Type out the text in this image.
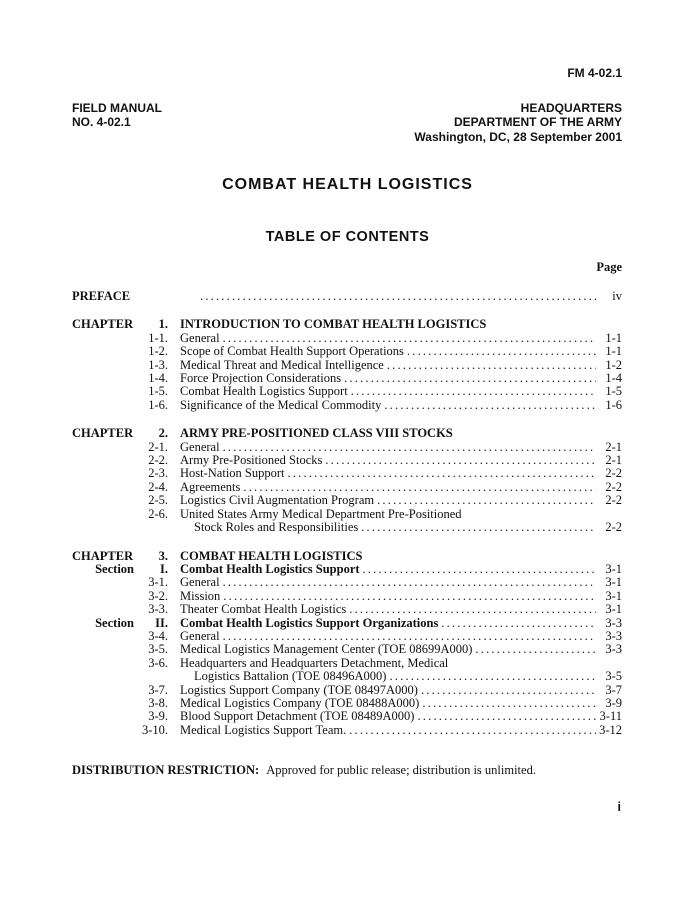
FM 4-02.1
FIELD MANUAL
NO. 4-02.1
HEADQUARTERS
DEPARTMENT OF THE ARMY
Washington, DC, 28 September 2001
COMBAT HEALTH LOGISTICS
TABLE OF CONTENTS
Page
PREFACE .....	iv
CHAPTER	1. INTRODUCTION TO COMBAT HEALTH LOGISTICS
1-1. General .....	1-1
1-2. Scope of Combat Health Support Operations .....	1-1
1-3. Medical Threat and Medical Intelligence .....	1-2
1-4. Force Projection Considerations .....	1-4
1-5. Combat Health Logistics Support .....	1-5
1-6. Significance of the Medical Commodity .....	1-6
CHAPTER	2. ARMY PRE-POSITIONED CLASS VIII STOCKS
2-1. General .....	2-1
2-2. Army Pre-Positioned Stocks .....	2-1
2-3. Host-Nation Support .....	2-2
2-4. Agreements .....	2-2
2-5. Logistics Civil Augmentation Program .....	2-2
2-6. United States Army Medical Department Pre-Positioned
Stock Roles and Responsibilities .....	2-2
CHAPTER	3. COMBAT HEALTH LOGISTICS
Section	I. Combat Health Logistics Support .....	3-1
3-1. General .....	3-1
3-2. Mission .....	3-1
3-3. Theater Combat Health Logistics .....	3-1
Section	II. Combat Health Logistics Support Organizations .....	3-3
3-4. General .....	3-3
3-5. Medical Logistics Management Center (TOE 08699A000) .....	3-3
3-6. Headquarters and Headquarters Detachment, Medical
Logistics Battalion (TOE 08496A000) .....	3-5
3-7. Logistics Support Company (TOE 08497A000) .....	3-7
3-8. Medical Logistics Company (TOE 08488A000) .....	3-9
3-9. Blood Support Detachment (TOE 08489A000) .....	3-11
3-10. Medical Logistics Support Team. .....	3-12
DISTRIBUTION RESTRICTION: Approved for public release; distribution is unlimited.
i
